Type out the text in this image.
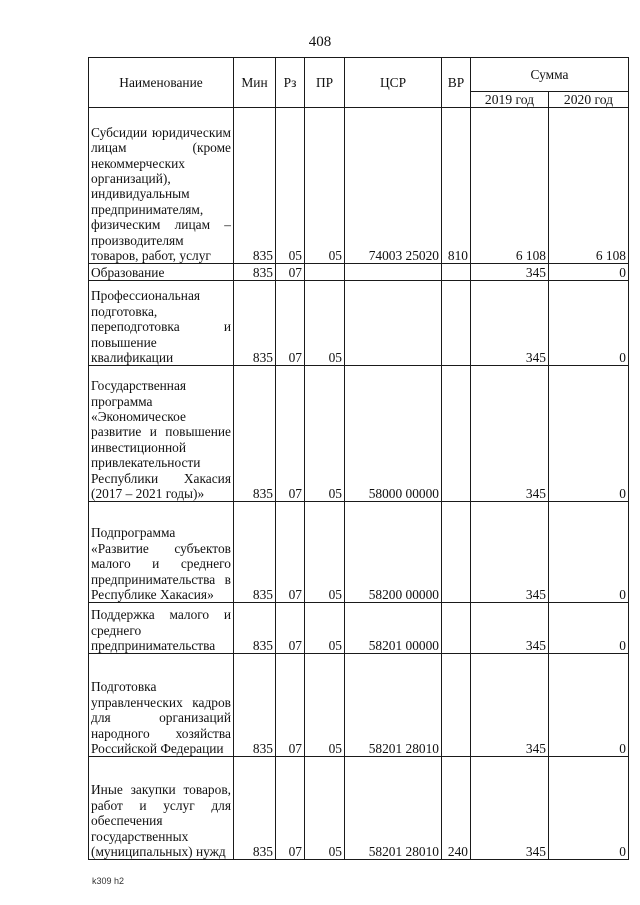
408
Наименование	Мин	Рз	ПР	ЦСР	ВР	Сумма	
						2019 год	2020 год
Субсидии юридическим лицам (кроме некоммерческих организаций), индивидуальным предпринимателям, физическим лицам – производителям товаров, работ, услуг	835	05	05	74003 25020	810	6 108	6 108
Образование	835	07				345	0
Профессиональная подготовка, переподготовка и повышение квалификации	835	07	05			345	0
Государственная программа «Экономическое развитие и повышение инвестиционной привлекательности Республики Хакасия (2017 – 2021 годы)»	835	07	05	58000 00000		345	0
Подпрограмма «Развитие субъектов малого и среднего предпринимательства в Республике Хакасия»	835	07	05	58200 00000		345	0
Поддержка малого и среднего предпринимательства	835	07	05	58201 00000		345	0
Подготовка управленческих кадров для организаций народного хозяйства Российской Федерации	835	07	05	58201 28010		345	0
Иные закупки товаров, работ и услуг для обеспечения государственных (муниципальных) нужд	835	07	05	58201 28010	240	345	0
k309 h2
